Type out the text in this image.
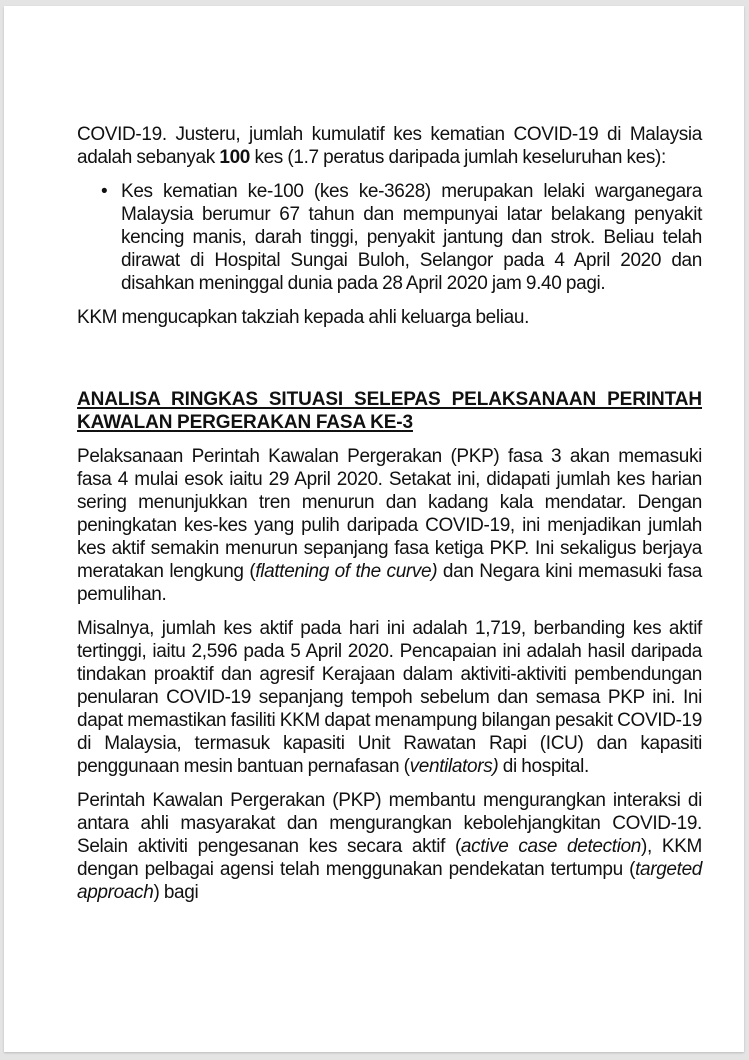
COVID-19. Justeru, jumlah kumulatif kes kematian COVID-19 di Malaysia adalah sebanyak 100 kes (1.7 peratus daripada jumlah keseluruhan kes):

• Kes kematian ke-100 (kes ke-3628) merupakan lelaki warganegara Malaysia berumur 67 tahun dan mempunyai latar belakang penyakit kencing manis, darah tinggi, penyakit jantung dan strok. Beliau telah dirawat di Hospital Sungai Buloh, Selangor pada 4 April 2020 dan disahkan meninggal dunia pada 28 April 2020 jam 9.40 pagi.

KKM mengucapkan takziah kepada ahli keluarga beliau.

ANALISA RINGKAS SITUASI SELEPAS PELAKSANAAN PERINTAH KAWALAN PERGERAKAN FASA KE-3

Pelaksanaan Perintah Kawalan Pergerakan (PKP) fasa 3 akan memasuki fasa 4 mulai esok iaitu 29 April 2020. Setakat ini, didapati jumlah kes harian sering menunjukkan tren menurun dan kadang kala mendatar. Dengan peningkatan kes-kes yang pulih daripada COVID-19, ini menjadikan jumlah kes aktif semakin menurun sepanjang fasa ketiga PKP. Ini sekaligus berjaya meratakan lengkung (flattening of the curve) dan Negara kini memasuki fasa pemulihan.

Misalnya, jumlah kes aktif pada hari ini adalah 1,719, berbanding kes aktif tertinggi, iaitu 2,596 pada 5 April 2020. Pencapaian ini adalah hasil daripada tindakan proaktif dan agresif Kerajaan dalam aktiviti-aktiviti pembendungan penularan COVID-19 sepanjang tempoh sebelum dan semasa PKP ini. Ini dapat memastikan fasiliti KKM dapat menampung bilangan pesakit COVID-19 di Malaysia, termasuk kapasiti Unit Rawatan Rapi (ICU) dan kapasiti penggunaan mesin bantuan pernafasan (ventilators) di hospital.

Perintah Kawalan Pergerakan (PKP) membantu mengurangkan interaksi di antara ahli masyarakat dan mengurangkan kebolehjangkitan COVID-19. Selain aktiviti pengesanan kes secara aktif (active case detection), KKM dengan pelbagai agensi telah menggunakan pendekatan tertumpu (targeted approach) bagi
